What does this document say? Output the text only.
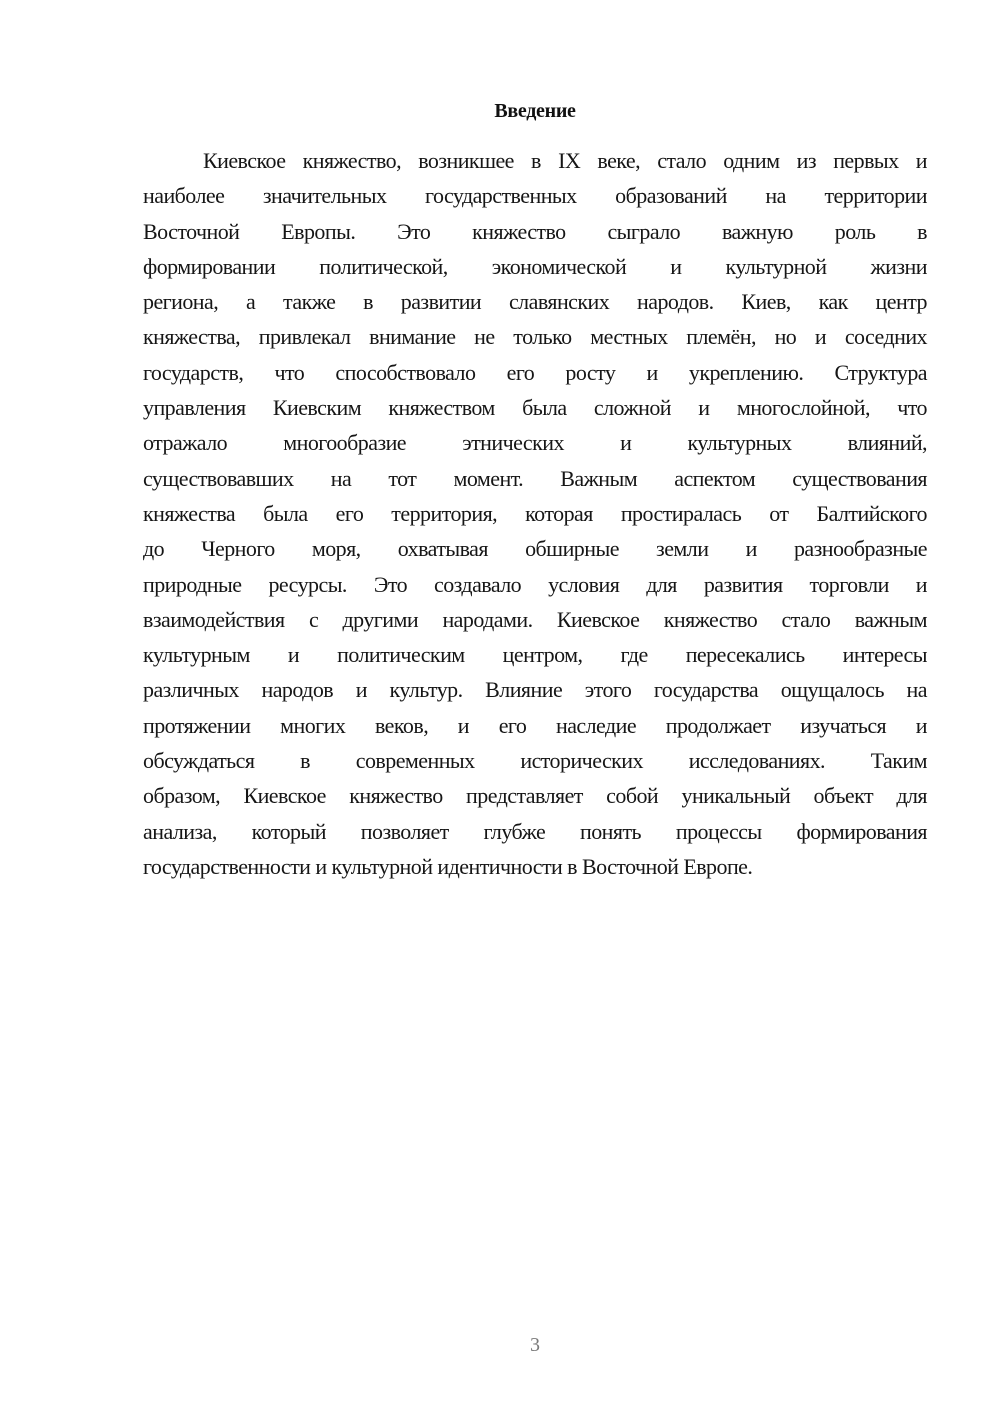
Введение

Киевское княжество, возникшее в IX веке, стало одним из первых и
наиболее значительных государственных образований на территории
Восточной Европы. Это княжество сыграло важную роль в
формировании политической, экономической и культурной жизни
региона, а также в развитии славянских народов. Киев, как центр
княжества, привлекал внимание не только местных племён, но и соседних
государств, что способствовало его росту и укреплению. Структура
управления Киевским княжеством была сложной и многослойной, что
отражало многообразие этнических и культурных влияний,
существовавших на тот момент. Важным аспектом существования
княжества была его территория, которая простиралась от Балтийского
до Черного моря, охватывая обширные земли и разнообразные
природные ресурсы. Это создавало условия для развития торговли и
взаимодействия с другими народами. Киевское княжество стало важным
культурным и политическим центром, где пересекались интересы
различных народов и культур. Влияние этого государства ощущалось на
протяжении многих веков, и его наследие продолжает изучаться и
обсуждаться в современных исторических исследованиях. Таким
образом, Киевское княжество представляет собой уникальный объект для
анализа, который позволяет глубже понять процессы формирования
государственности и культурной идентичности в Восточной Европе.

3
